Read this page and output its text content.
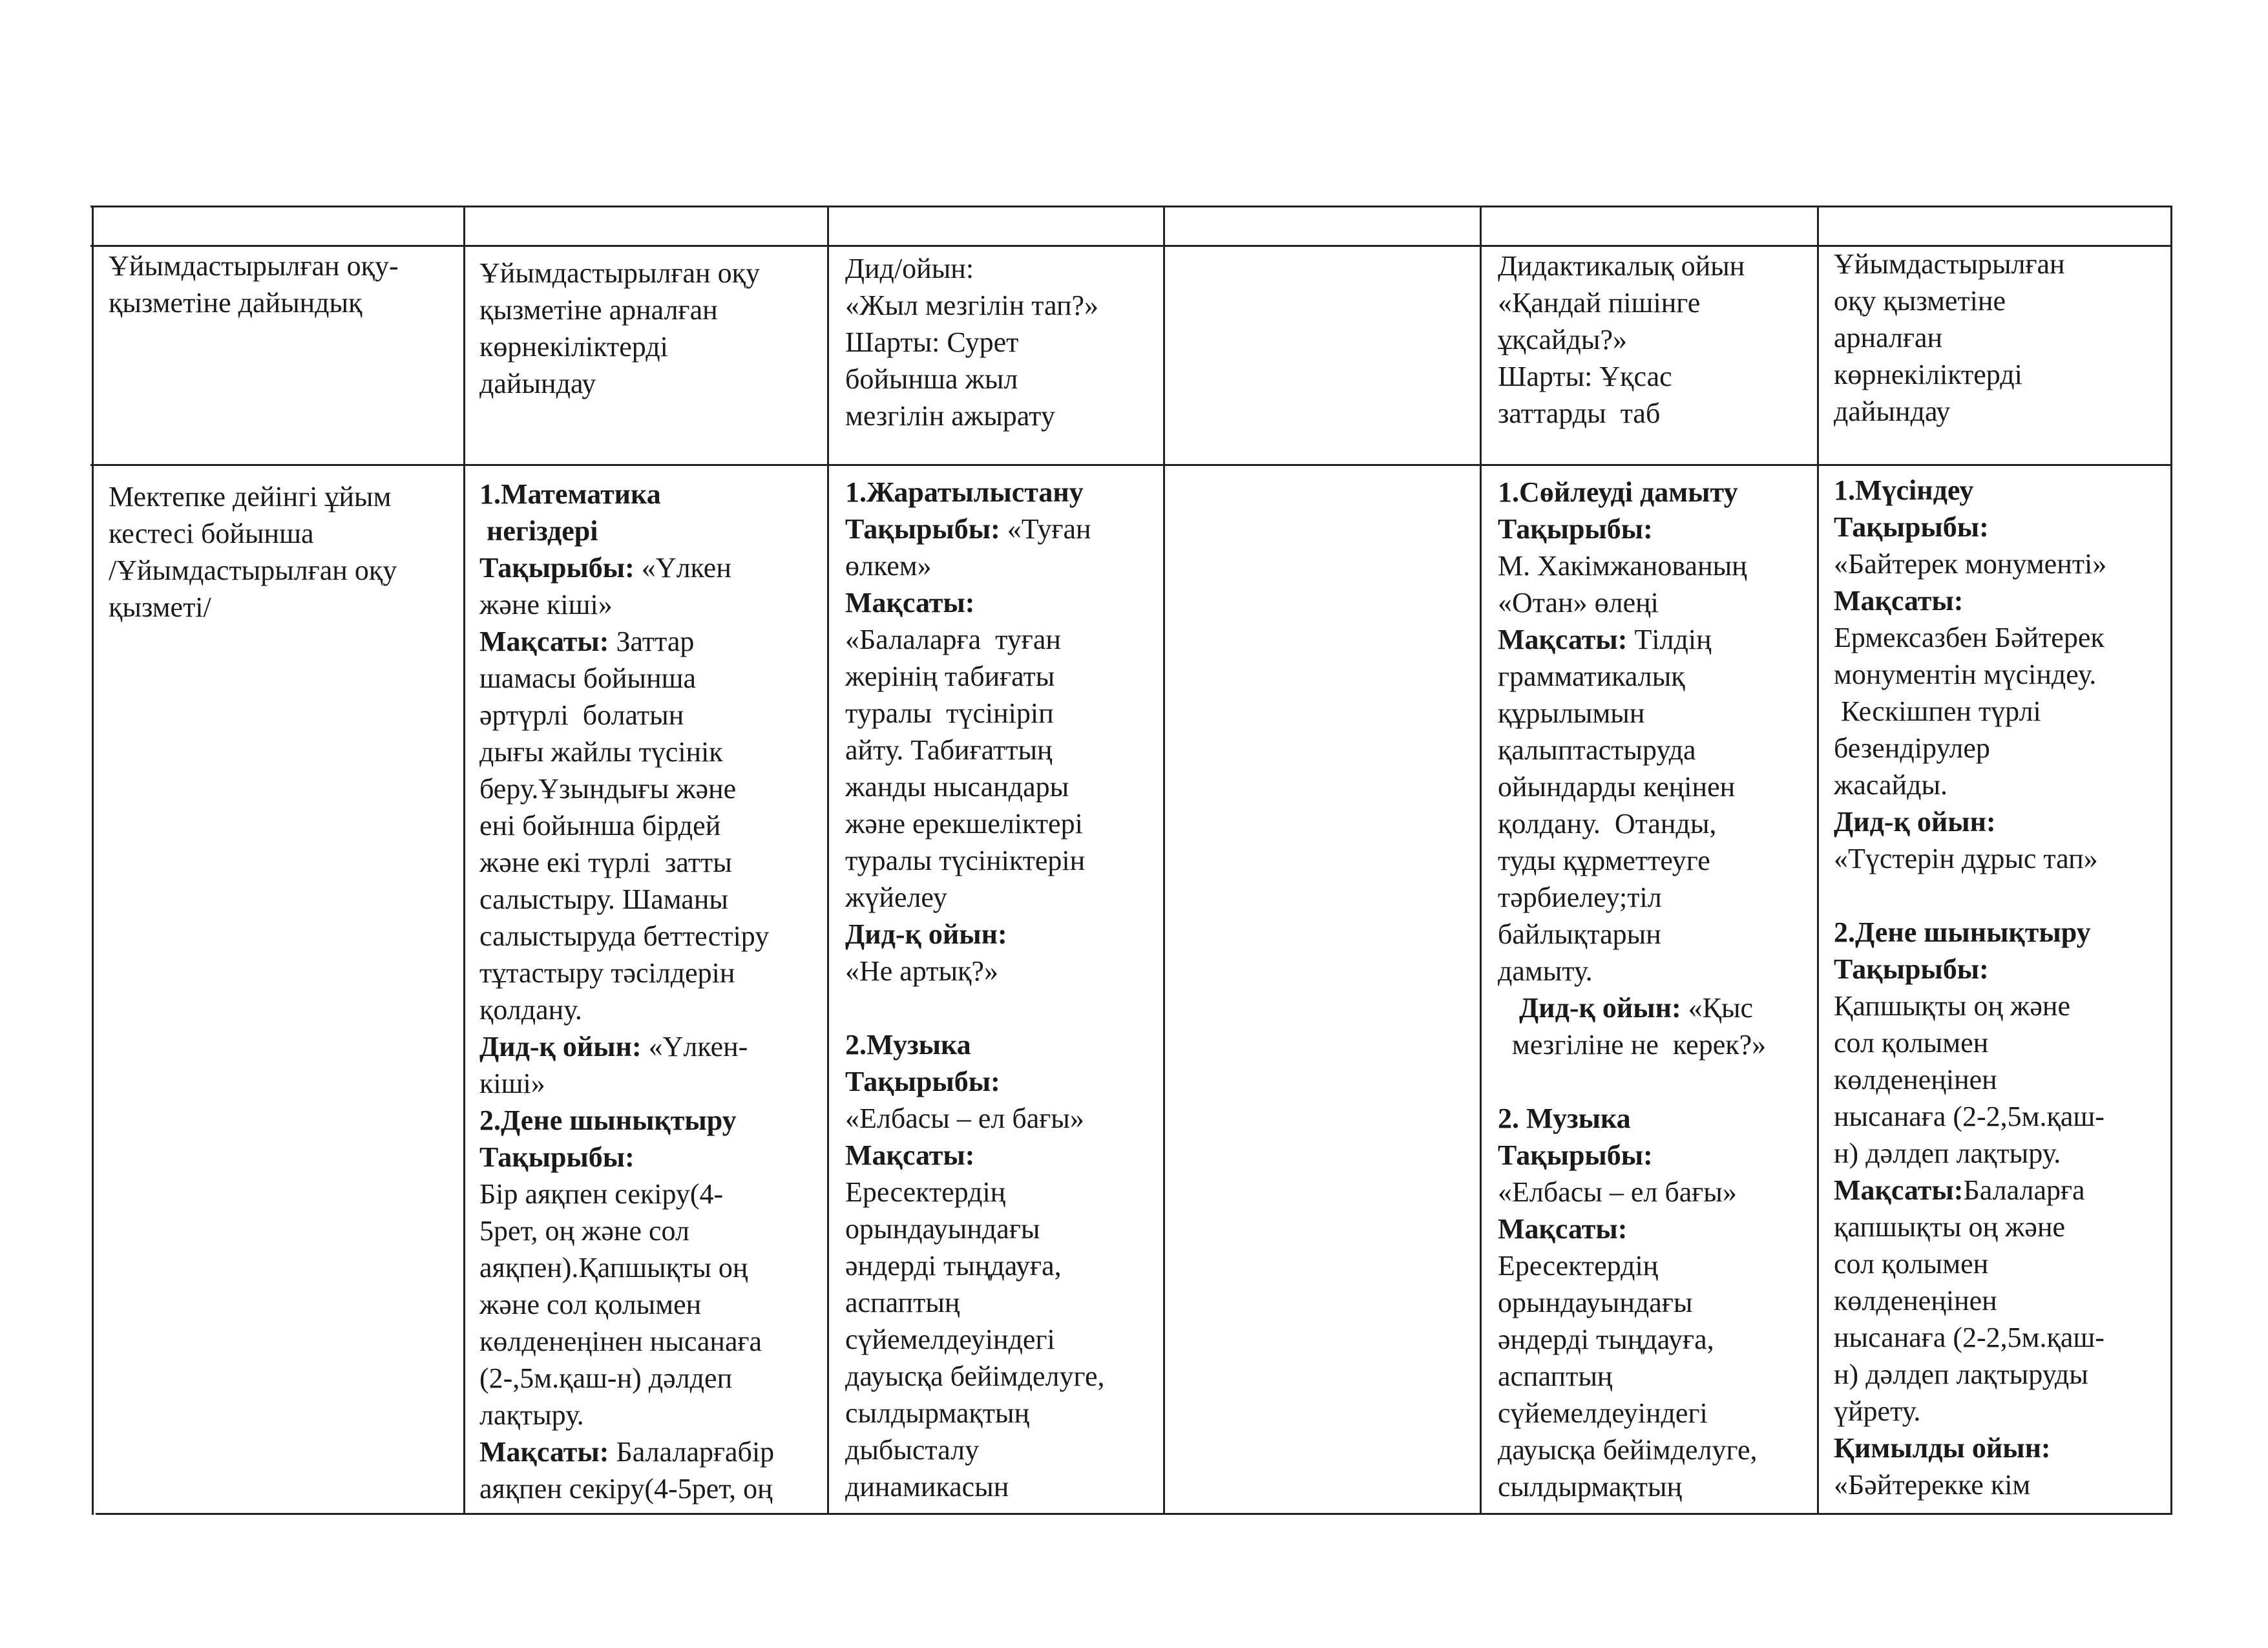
Ұйымдастырылған оқу-
қызметіне дайындық
Ұйымдастырылған оқу
қызметіне арналған
көрнекіліктерді
дайындау
Дид/ойын:
«Жыл мезгілін тап?»
Шарты: Сурет
бойынша жыл
мезгілін ажырату
Дидактикалық ойын
«Қандай пішінге
ұқсайды?»
Шарты: Ұқсас
заттарды  таб
Ұйымдастырылған
оқу қызметіне
арналған
көрнекіліктерді
дайындау
Мектепке дейінгі ұйым
кестесі бойынша
/Ұйымдастырылған оқу
қызметі/
1.Математика
негіздері
Тақырыбы: «Үлкен
және кіші»
Мақсаты: Заттар
шамасы бойынша
әртүрлі  болатын
дығы жайлы түсінік
беру.Ұзындығы және
ені бойынша бірдей
және екі түрлі  затты
салыстыру. Шаманы
салыстыруда беттестіру
тұтастыру тәсілдерін
қолдану.
Дид-қ ойын: «Үлкен-
кіші»
2.Дене шынықтыру
Тақырыбы:
Бір аяқпен секіру(4-
5рет, оң және сол
аяқпен).Қапшықты оң
және сол қолымен
көлденеңінен нысанаға
(2-,5м.қаш-н) дәлдеп
лақтыру.
Мақсаты: Балаларғабір
аяқпен секіру(4-5рет, оң
1.Жаратылыстану
Тақырыбы: «Туған
өлкем»
Мақсаты:
«Балаларға  туған
жерінің табиғаты
туралы  түсініріп
айту. Табиғаттың
жанды нысандары
және ерекшеліктері
туралы түсініктерін
жүйелеу
Дид-қ ойын:
«Не артық?»
2.Музыка
Тақырыбы:
«Елбасы – ел бағы»
Мақсаты:
Ересектердің
орындауындағы
әндерді тыңдауға,
аспаптың
сүйемелдеуіндегі
дауысқа бейімделуге,
сылдырмақтың
дыбысталу
динамикасын
1.Сөйлеуді дамыту
Тақырыбы:
М. Хакімжанованың
«Отан» өлеңі
Мақсаты: Тілдің
грамматикалық
құрылымын
қалыптастыруда
ойындарды кеңінен
қолдану.  Отанды,
туды құрметтеуге
тәрбиелеу;тіл
байлықтарын
дамыту.
Дид-қ ойын: «Қыс
мезгіліне не  керек?»
2. Музыка
Тақырыбы:
«Елбасы – ел бағы»
Мақсаты:
Ересектердің
орындауындағы
әндерді тыңдауға,
аспаптың
сүйемелдеуіндегі
дауысқа бейімделуге,
сылдырмақтың
1.Мүсіндеу
Тақырыбы:
«Байтерек монументі»
Мақсаты:
Ермексазбен Бәйтерек
монументін мүсіндеу.
Кескішпен түрлі
безендірулер
жасайды.
Дид-қ ойын:
«Түстерін дұрыс тап»
2.Дене шынықтыру
Тақырыбы:
Қапшықты оң және
сол қолымен
көлденеңінен
нысанаға (2-2,5м.қаш-
н) дәлдеп лақтыру.
Мақсаты:Балаларға
қапшықты оң және
сол қолымен
көлденеңінен
нысанаға (2-2,5м.қаш-
н) дәлдеп лақтыруды
үйрету.
Қимылды ойын:
«Бәйтерекке кім
